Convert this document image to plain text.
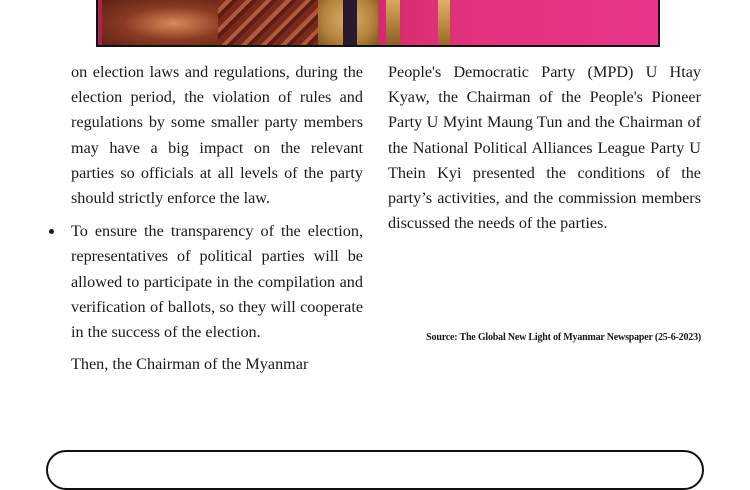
on election laws and regulations, during the election period, the violation of rules and regulations by some smaller party members may have a big impact on the relevant parties so officials at all levels of the party should strictly enforce the law.

To ensure the transparency of the election, representatives of political parties will be allowed to participate in the compilation and verification of ballots, so they will cooperate in the success of the election.

Then, the Chairman of the Myanmar

People's Democratic Party (MPD) U Htay Kyaw, the Chairman of the People's Pioneer Party U Myint Maung Tun and the Chairman of the National Political Alliances League Party U Thein Kyi presented the conditions of the party’s activities, and the commission members discussed the needs of the parties.

Source: The Global New Light of Myanmar Newspaper (25-6-2023)
